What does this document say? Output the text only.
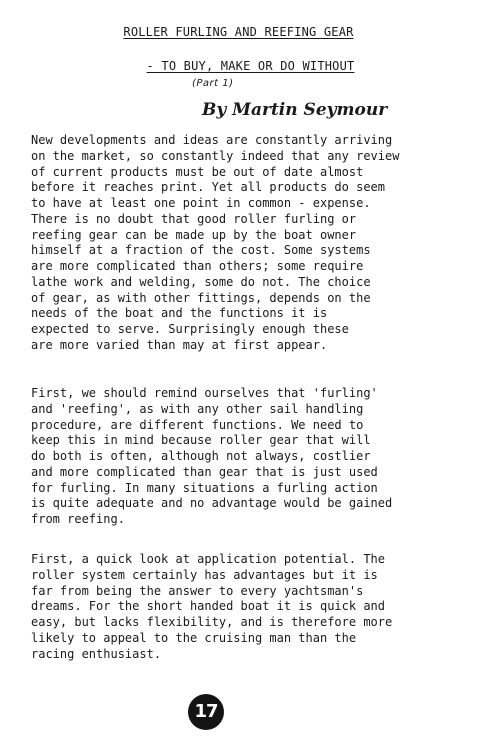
ROLLER FURLING AND REEFING GEAR

- TO BUY, MAKE OR DO WITHOUT

(Part 1)

By Martin Seymour

New developments and ideas are constantly arriving
on the market, so constantly indeed that any review
of current products must be out of date almost
before it reaches print. Yet all products do seem
to have at least one point in common - expense.
There is no doubt that good roller furling or
reefing gear can be made up by the boat owner
himself at a fraction of the cost. Some systems
are more complicated than others; some require
lathe work and welding, some do not. The choice
of gear, as with other fittings, depends on the
needs of the boat and the functions it is
expected to serve. Surprisingly enough these
are more varied than may at first appear.

First, we should remind ourselves that 'furling'
and 'reefing', as with any other sail handling
procedure, are different functions. We need to
keep this in mind because roller gear that will
do both is often, although not always, costlier
and more complicated than gear that is just used
for furling. In many situations a furling action
is quite adequate and no advantage would be gained
from reefing.

First, a quick look at application potential. The
roller system certainly has advantages but it is
far from being the answer to every yachtsman's
dreams. For the short handed boat it is quick and
easy, but lacks flexibility, and is therefore more
likely to appeal to the cruising man than the
racing enthusiast.

17
